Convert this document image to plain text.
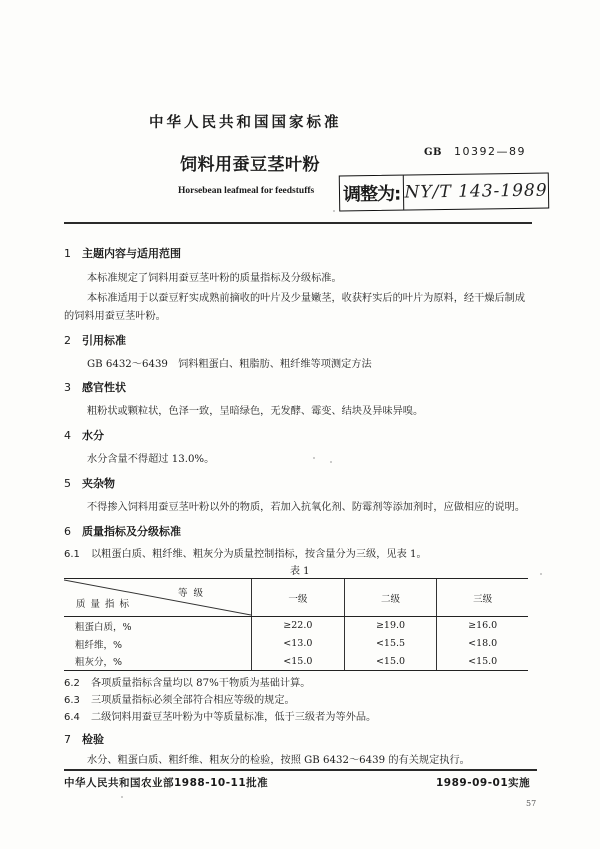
中华人民共和国国家标准
GB 10392—89
饲料用蚕豆茎叶粉
Horsebean leafmeal for feedstuffs 调整为: NY/T 143-1989
1 主题内容与适用范围
本标准规定了饲料用蚕豆茎叶粉的质量指标及分级标准。
本标准适用于以蚕豆籽实成熟前摘收的叶片及少量嫩茎，收获籽实后的叶片为原料，经干燥后制成
的饲料用蚕豆茎叶粉。
2 引用标准
GB 6432～6439　饲料粗蛋白、粗脂肪、粗纤维等项测定方法
3 感官性状
粗粉状或颗粒状，色泽一致，呈暗绿色，无发酵、霉变、结块及异味异嗅。
4 水分
水分含量不得超过 13.0%。
5 夹杂物
不得掺入饲料用蚕豆茎叶粉以外的物质，若加入抗氧化剂、防霉剂等添加剂时，应做相应的说明。
6 质量指标及分级标准
6.1 以粗蛋白质、粗纤维、粗灰分为质量控制指标，按含量分为三级，见表 1。
表 1
等级
质量指标	一级	二级	三级
粗蛋白质，%	≥22.0	≥19.0	≥16.0
粗纤维，%	<13.0	<15.5	<18.0
粗灰分，%	<15.0	<15.0	<15.0
6.2 各项质量指标含量均以 87%干物质为基础计算。
6.3 三项质量指标必须全部符合相应等级的规定。
6.4 二级饲料用蚕豆茎叶粉为中等质量标准，低于三级者为等外品。
7 检验
水分、粗蛋白质、粗纤维、粗灰分的检验，按照 GB 6432～6439 的有关规定执行。
中华人民共和国农业部1988-10-11批准	1989-09-01实施
57
